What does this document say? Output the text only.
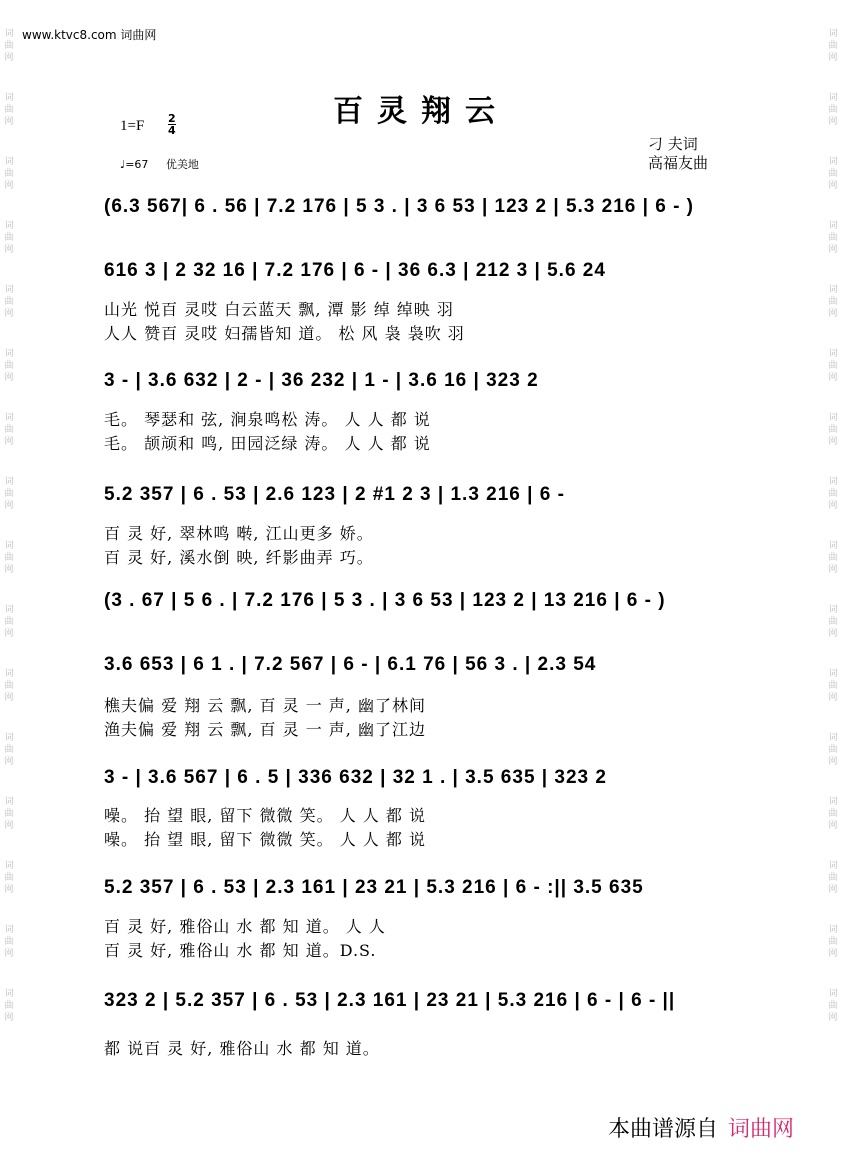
词
曲
网
词
曲
网
词
曲
网
词
曲
网
词
曲
网
词
曲
网
词
曲
网
词
曲
网
词
曲
网
词
曲
网
词
曲
网
词
曲
网
词
曲
网
词
曲
网
词
曲
网
词
曲
网
词
曲
网
词
曲
网
词
曲
网
词
曲
网
词
曲
网
词
曲
网
词
曲
网
词
曲
网
词
曲
网
词
曲
网
词
曲
网
词
曲
网
词
曲
网
词
曲
网
词
曲
网
词
曲
网
www.ktvc8.com 词曲网
百灵翔云
1=F 2
4
♩=67 优美地
刁 夫词
高福友曲
(6.3 567| 6 . 56 | 7.2 176 | 5 3 . | 3 6 53 | 123 2 | 5.3 216 | 6 - )
616 3 | 2 32 16 | 7.2 176 | 6 - | 36 6.3 | 212 3 | 5.6 24
山光 悦百 灵哎 白云蓝天 飘, 潭 影 绰 绰映 羽
人人 赞百 灵哎 妇孺皆知 道。 松 风 袅 袅吹 羽
3 - | 3.6 632 | 2 - | 36 232 | 1 - | 3.6 16 | 323 2
毛。 琴瑟和 弦, 涧泉鸣松 涛。 人 人 都 说
毛。 颉颃和 鸣, 田园泛绿 涛。 人 人 都 说
5.2 357 | 6 . 53 | 2.6 123 | 2 #1 2 3 | 1.3 216 | 6 -
百 灵 好, 翠林鸣 啭, 江山更多 娇。
百 灵 好, 溪水倒 映, 纤影曲弄 巧。
(3 . 67 | 5 6 . | 7.2 176 | 5 3 . | 3 6 53 | 123 2 | 13 216 | 6 - )
3.6 653 | 6 1 . | 7.2 567 | 6 - | 6.1 76 | 56 3 . | 2.3 54
樵夫偏 爱 翔 云 飘, 百 灵 一 声, 幽了林间
渔夫偏 爱 翔 云 飘, 百 灵 一 声, 幽了江边
3 - | 3.6 567 | 6 . 5 | 336 632 | 32 1 . | 3.5 635 | 323 2
噪。 抬 望 眼, 留下 微微 笑。 人 人 都 说
噪。 抬 望 眼, 留下 微微 笑。 人 人 都 说
5.2 357 | 6 . 53 | 2.3 161 | 23 21 | 5.3 216 | 6 - :|| 3.5 635
百 灵 好, 雅俗山 水 都 知 道。 人 人
百 灵 好, 雅俗山 水 都 知 道。D.S.
323 2 | 5.2 357 | 6 . 53 | 2.3 161 | 23 21 | 5.3 216 | 6 - | 6 - ||
都 说百 灵 好, 雅俗山 水 都 知 道。
本曲谱源自 词曲网
